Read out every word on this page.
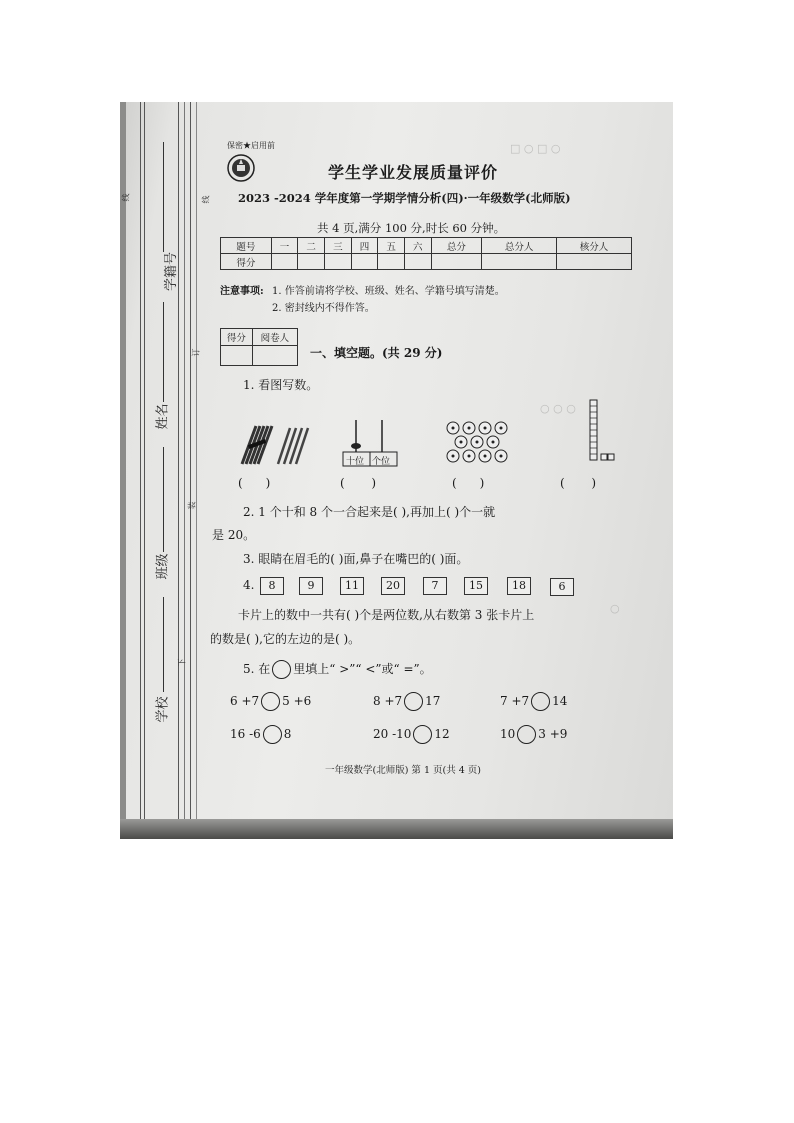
学籍号
姓名
班级
学校
线	线
订
装
下
□ ○ □ ○
○ ○ ○
○
保密★启用前
学生学业发展质量评价
2023 -2024 学年度第一学期学情分析(四)·一年级数学(北师版)
共 4 页,满分 100 分,时长 60 分钟。
题号	一	二	三	四	五	六	总分	总分人	核分人
得分									
注意事项: 1. 作答前请将学校、班级、姓名、学籍号填写清楚。
2. 密封线内不得作答。
得分	阅卷人

一、填空题。(共 29 分)
1. 看图写数。
十位 个位
(      )	(       )	(      )	(       )
2. 1 个十和 8 个一合起来是( ),再加上( )个一就
是 20。
3. 眼睛在眉毛的( )面,鼻子在嘴巴的( )面。
4.	8	9	11	20	7	15	18	6
卡片上的数中一共有( )个是两位数,从右数第 3 张卡片上
的数是( ),它的左边的是( )。
5. 在 里填上“ >”“ <”或“ =”。
6 +7 5 +6	8 +7 17	7 +7 14
16 -6 8	20 -10 12	10 3 +9
一年级数学(北师版) 第 1 页(共 4 页)
